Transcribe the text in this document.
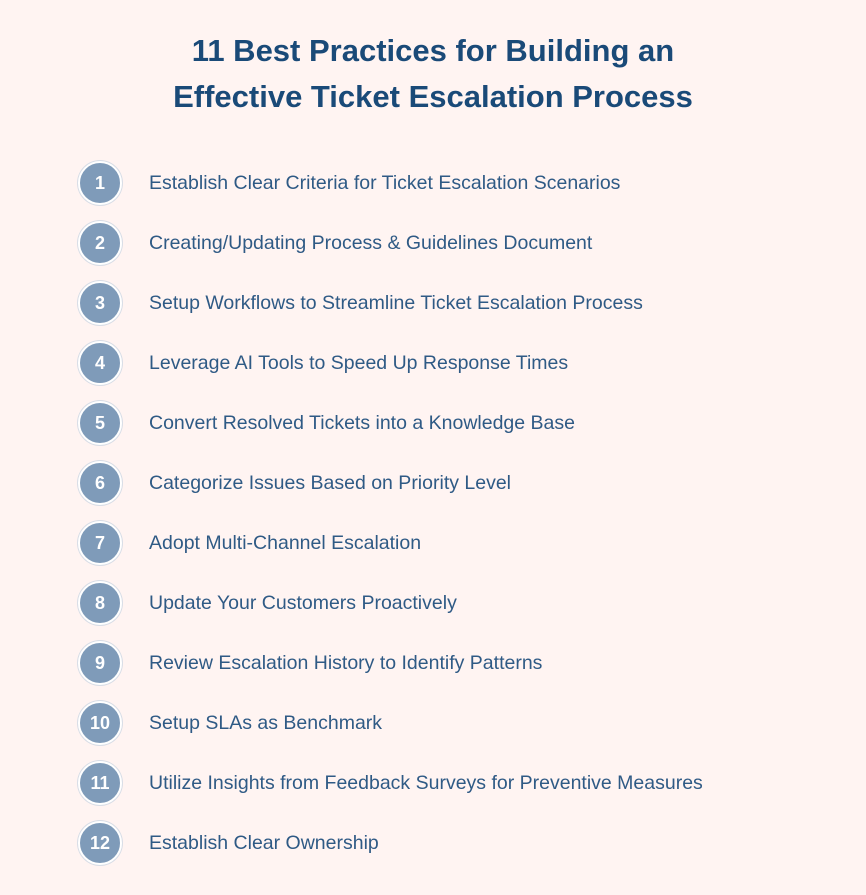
11 Best Practices for Building an
Effective Ticket Escalation Process
1	Establish Clear Criteria for Ticket Escalation Scenarios
2	Creating/Updating Process & Guidelines Document
3	Setup Workflows to Streamline Ticket Escalation Process
4	Leverage AI Tools to Speed Up Response Times
5	Convert Resolved Tickets into a Knowledge Base
6	Categorize Issues Based on Priority Level
7	Adopt Multi-Channel Escalation
8	Update Your Customers Proactively
9	Review Escalation History to Identify Patterns
10	Setup SLAs as Benchmark
11	Utilize Insights from Feedback Surveys for Preventive Measures
12	Establish Clear Ownership
